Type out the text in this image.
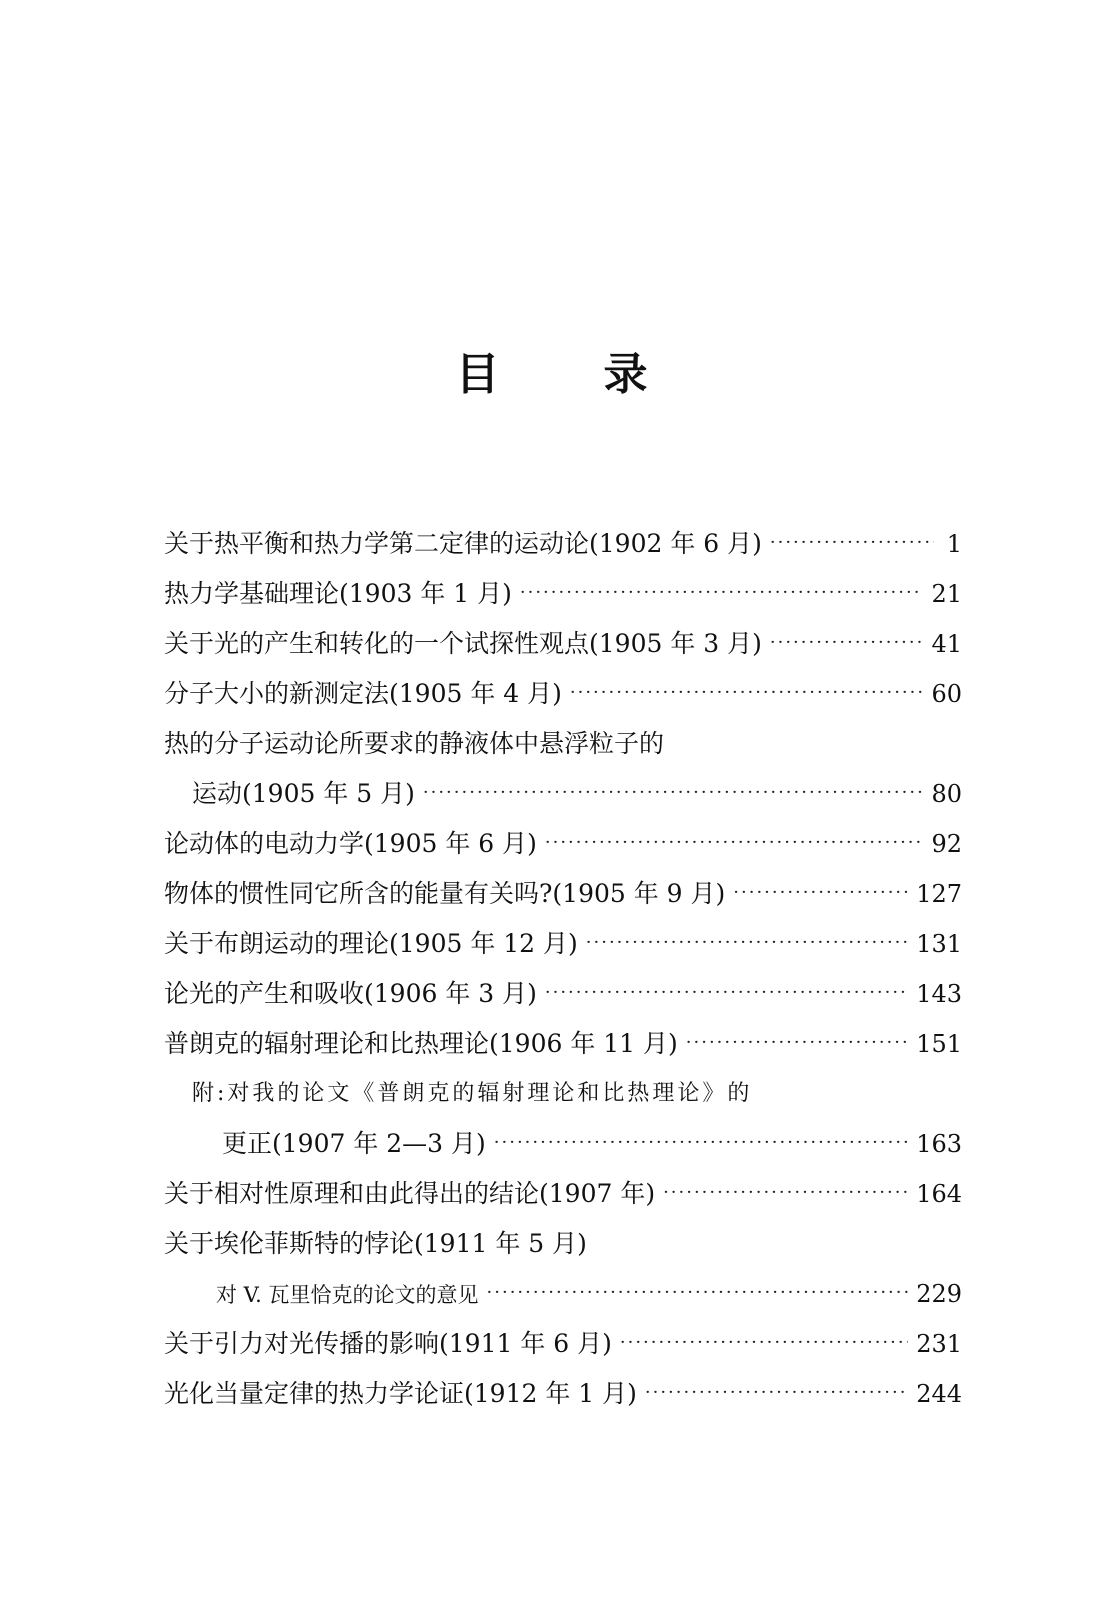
目 录
关于热平衡和热力学第二定律的运动论(1902 年 6 月) ·····	1
热力学基础理论(1903 年 1 月) ·····	21
关于光的产生和转化的一个试探性观点(1905 年 3 月) ·····	41
分子大小的新测定法(1905 年 4 月) ·····	60
热的分子运动论所要求的静液体中悬浮粒子的
运动(1905 年 5 月) ·····	80
论动体的电动力学(1905 年 6 月) ·····	92
物体的惯性同它所含的能量有关吗?(1905 年 9 月) ·····	127
关于布朗运动的理论(1905 年 12 月) ·····	131
论光的产生和吸收(1906 年 3 月) ·····	143
普朗克的辐射理论和比热理论(1906 年 11 月) ·····	151
附:对我的论文《普朗克的辐射理论和比热理论》的
更正(1907 年 2—3 月) ·····	163
关于相对性原理和由此得出的结论(1907 年) ·····	164
关于埃伦菲斯特的悖论(1911 年 5 月)
对 V. 瓦里恰克的论文的意见 ·····	229
关于引力对光传播的影响(1911 年 6 月) ·····	231
光化当量定律的热力学论证(1912 年 1 月) ·····	244
